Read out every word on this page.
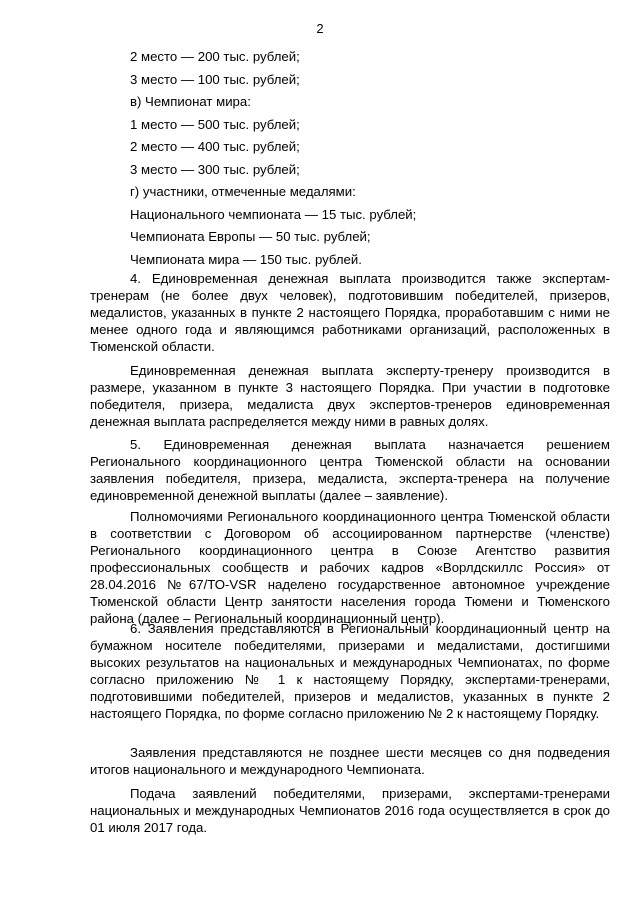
2
2 место — 200 тыс. рублей;
3 место — 100 тыс. рублей;
в) Чемпионат мира:
1 место — 500 тыс. рублей;
2 место — 400 тыс. рублей;
3 место — 300 тыс. рублей;
г) участники, отмеченные медалями:
Национального чемпионата — 15 тыс. рублей;
Чемпионата Европы — 50 тыс. рублей;
Чемпионата мира — 150 тыс. рублей.
4. Единовременная денежная выплата производится также экспертам-тренерам (не более двух человек), подготовившим победителей, призеров, медалистов, указанных в пункте 2 настоящего Порядка, проработавшим с ними не менее одного года и являющимся работниками организаций, расположенных в Тюменской области.
Единовременная денежная выплата эксперту-тренеру производится в размере, указанном в пункте 3 настоящего Порядка. При участии в подготовке победителя, призера, медалиста двух экспертов-тренеров единовременная денежная выплата распределяется между ними в равных долях.
5. Единовременная денежная выплата назначается решением Регионального координационного центра Тюменской области на основании заявления победителя, призера, медалиста, эксперта-тренера на получение единовременной денежной выплаты (далее – заявление).
Полномочиями Регионального координационного центра Тюменской области в соответствии с Договором об ассоциированном партнерстве (членстве) Регионального координационного центра в Союзе Агентство развития профессиональных сообществ и рабочих кадров «Ворлдскиллс Россия» от 28.04.2016 №67/ТО-VSR наделено государственное автономное учреждение Тюменской области Центр занятости населения города Тюмени и Тюменского района (далее – Региональный координационный центр).
6. Заявления представляются в Региональный координационный центр на бумажном носителе победителями, призерами и медалистами, достигшими высоких результатов на национальных и международных Чемпионатах, по форме согласно приложению № 1 к настоящему Порядку, экспертами-тренерами, подготовившими победителей, призеров и медалистов, указанных в пункте 2 настоящего Порядка, по форме согласно приложению № 2 к настоящему Порядку.
Заявления представляются не позднее шести месяцев со дня подведения итогов национального и международного Чемпионата.
Подача заявлений победителями, призерами, экспертами-тренерами национальных и международных Чемпионатов 2016 года осуществляется в срок до 01 июля 2017 года.
